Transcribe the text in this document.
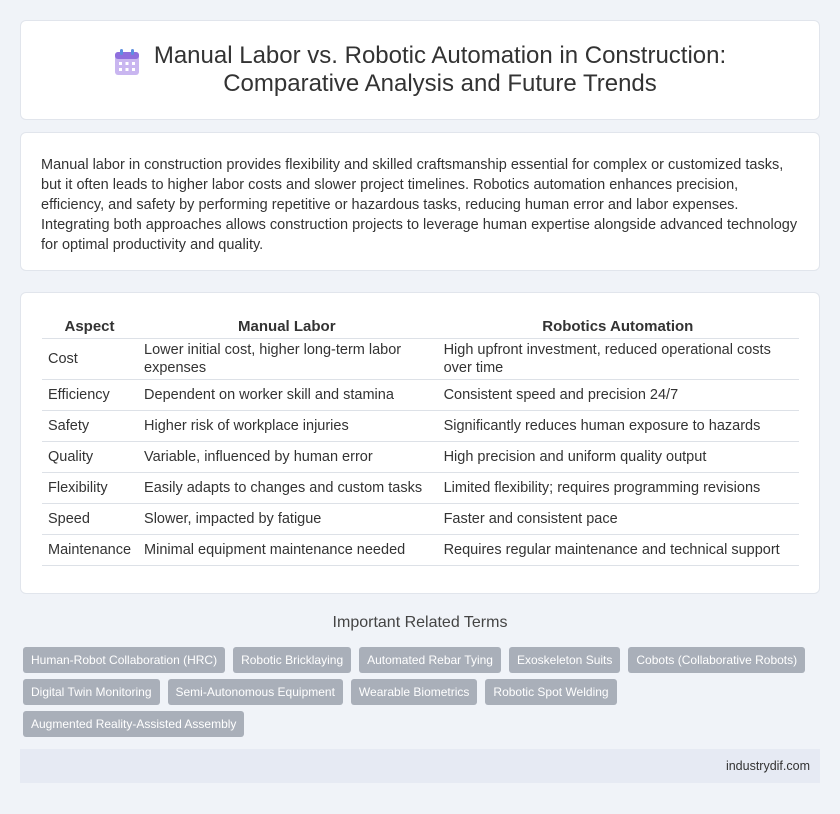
Manual Labor vs. Robotic Automation in Construction:
Comparative Analysis and Future Trends

Manual labor in construction provides flexibility and skilled craftsmanship essential for complex or customized tasks, but it often leads to higher labor costs and slower project timelines. Robotics automation enhances precision, efficiency, and safety by performing repetitive or hazardous tasks, reducing human error and labor expenses. Integrating both approaches allows construction projects to leverage human expertise alongside advanced technology for optimal productivity and quality.

Aspect	Manual Labor	Robotics Automation
Cost	Lower initial cost, higher long-term labor expenses	High upfront investment, reduced operational costs over time
Efficiency	Dependent on worker skill and stamina	Consistent speed and precision 24/7
Safety	Higher risk of workplace injuries	Significantly reduces human exposure to hazards
Quality	Variable, influenced by human error	High precision and uniform quality output
Flexibility	Easily adapts to changes and custom tasks	Limited flexibility; requires programming revisions
Speed	Slower, impacted by fatigue	Faster and consistent pace
Maintenance	Minimal equipment maintenance needed	Requires regular maintenance and technical support
Important Related Terms
Human-Robot Collaboration (HRC)	Robotic Bricklaying	Automated Rebar Tying	Exoskeleton Suits	Cobots (Collaborative Robots)
Digital Twin Monitoring	Semi-Autonomous Equipment	Wearable Biometrics	Robotic Spot Welding
Augmented Reality-Assisted Assembly
industrydif.com
